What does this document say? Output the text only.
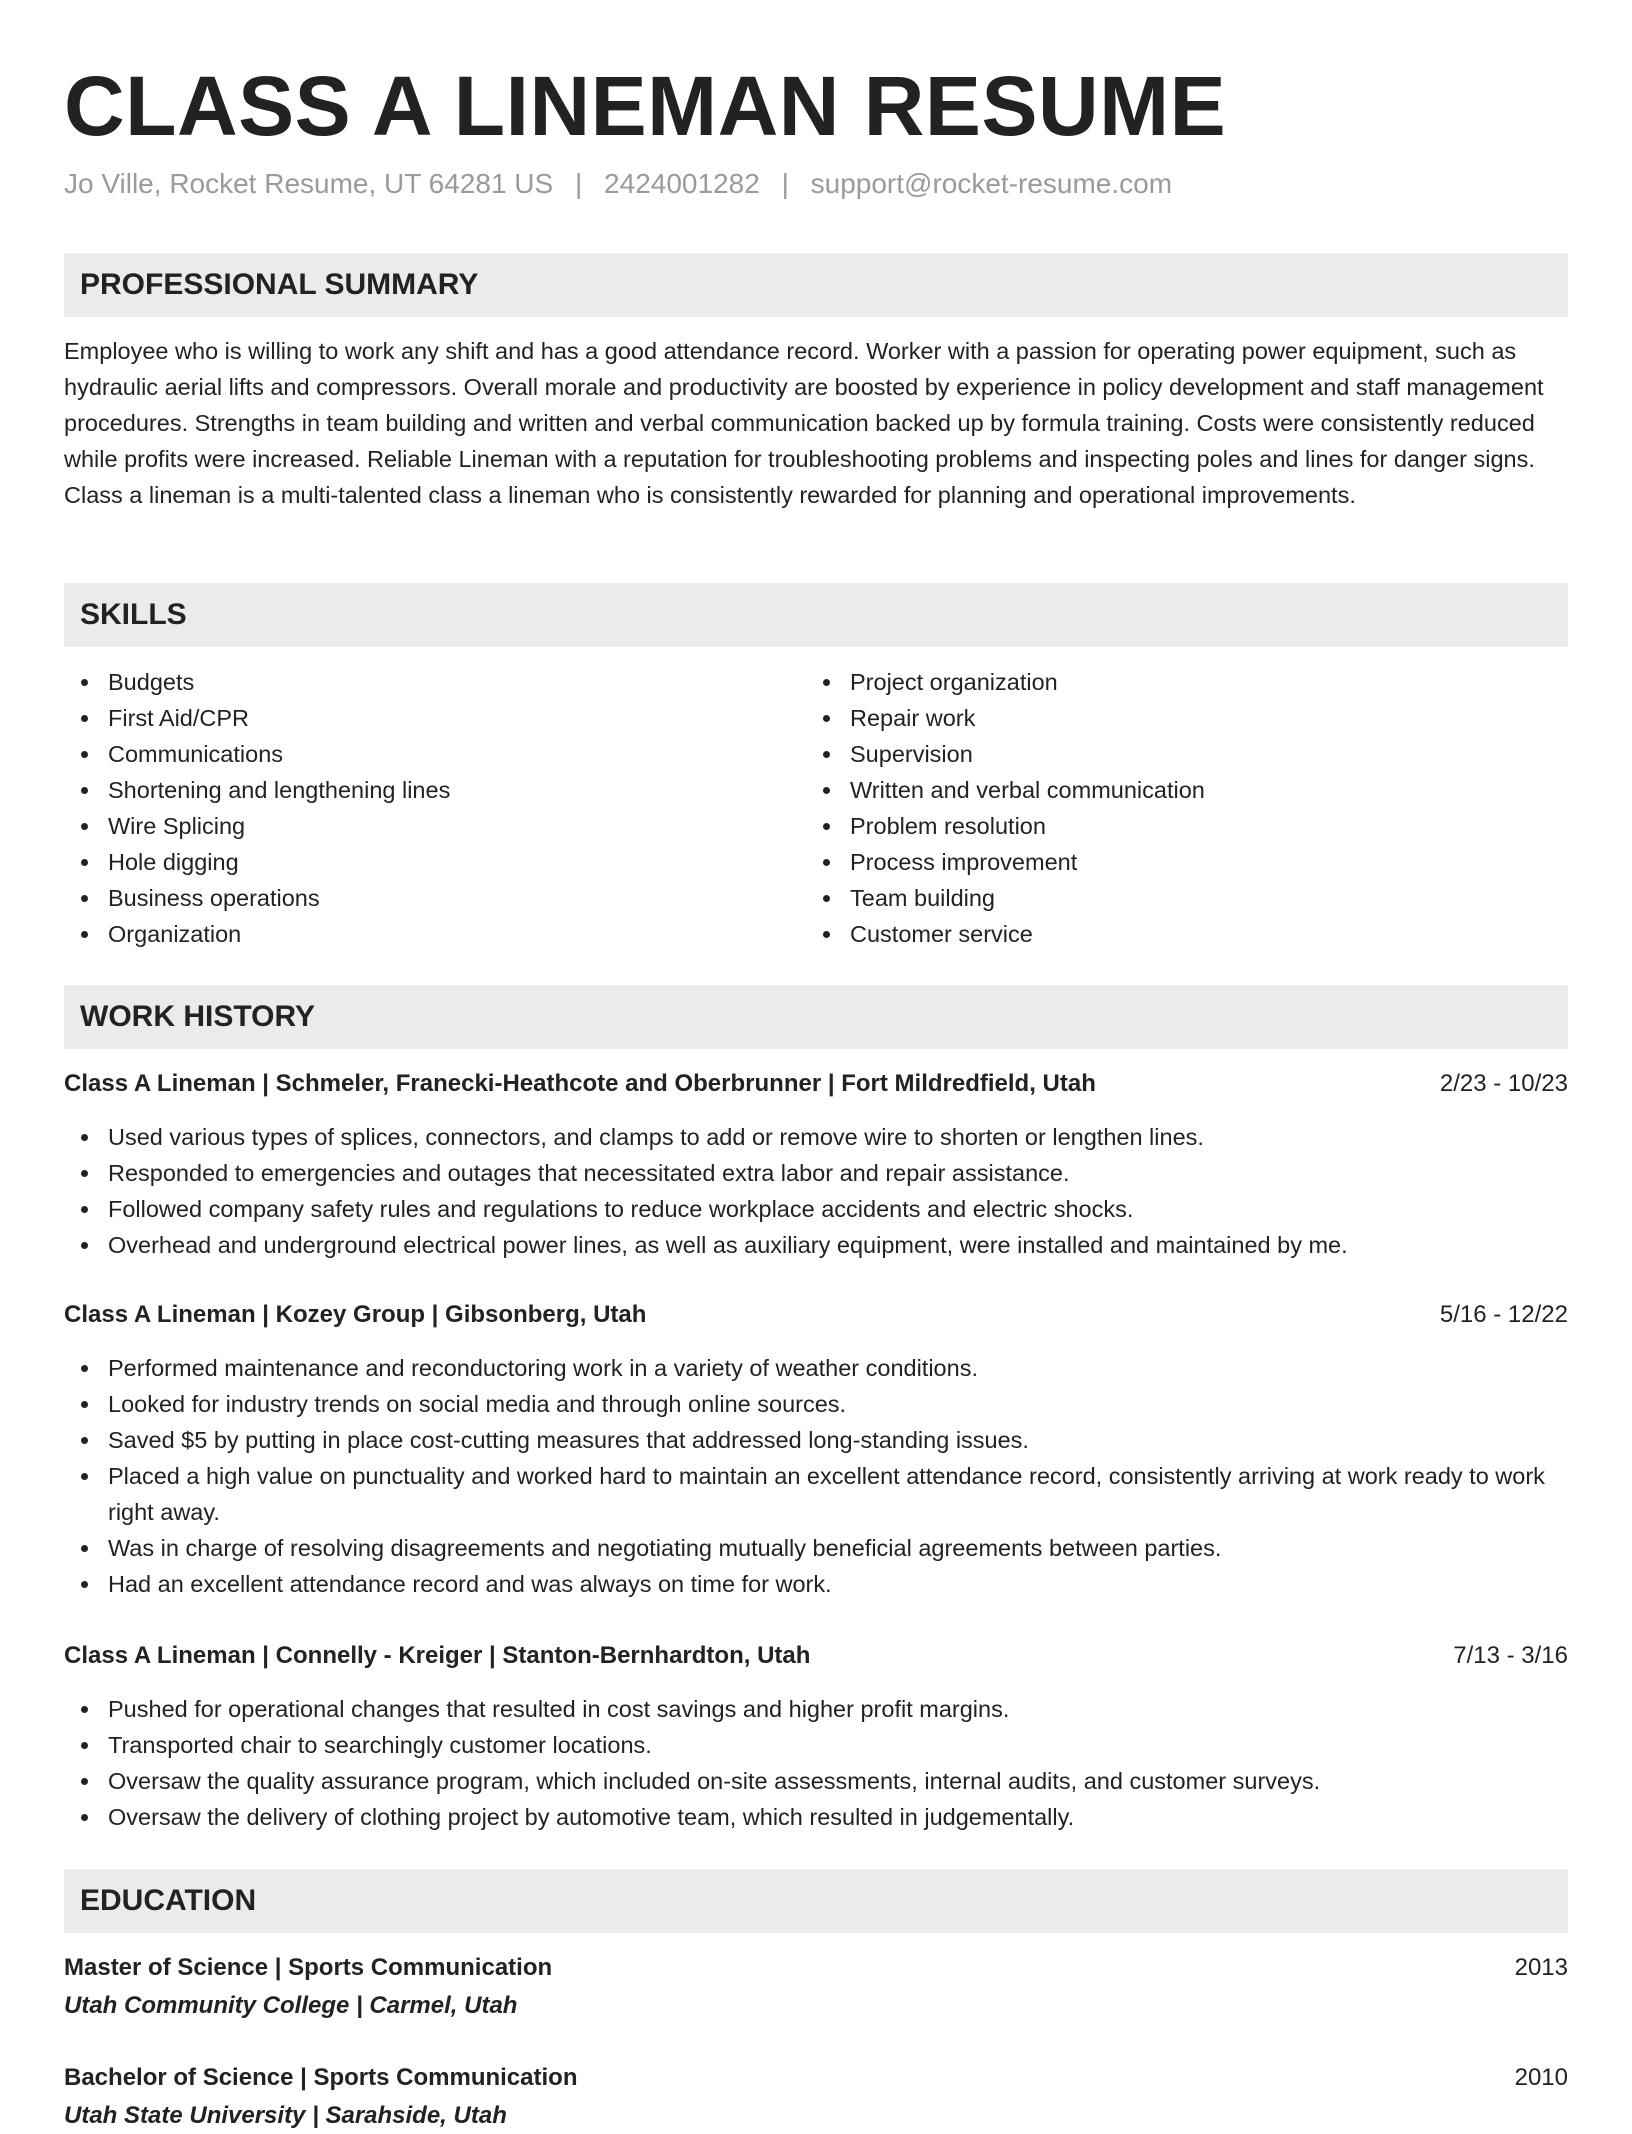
CLASS A LINEMAN RESUME
Jo Ville, Rocket Resume, UT 64281 US | 2424001282 | support@rocket-resume.com
PROFESSIONAL SUMMARY

Employee who is willing to work any shift and has a good attendance record. Worker with a passion for operating power equipment, such as hydraulic aerial lifts and compressors. Overall morale and productivity are boosted by experience in policy development and staff management procedures. Strengths in team building and written and verbal communication backed up by formula training. Costs were consistently reduced while profits were increased. Reliable Lineman with a reputation for troubleshooting problems and inspecting poles and lines for danger signs. Class a lineman is a multi-talented class a lineman who is consistently rewarded for planning and operational improvements.

SKILLS
Budgets
First Aid/CPR
Communications
Shortening and lengthening lines
Wire Splicing
Hole digging
Business operations
Organization
Project organization
Repair work
Supervision
Written and verbal communication
Problem resolution
Process improvement
Team building
Customer service
WORK HISTORY
Class A Lineman | Schmeler, Franecki-Heathcote and Oberbrunner | Fort Mildredfield, Utah	2/23 - 10/23
Used various types of splices, connectors, and clamps to add or remove wire to shorten or lengthen lines.
Responded to emergencies and outages that necessitated extra labor and repair assistance.
Followed company safety rules and regulations to reduce workplace accidents and electric shocks.
Overhead and underground electrical power lines, as well as auxiliary equipment, were installed and maintained by me.
Class A Lineman | Kozey Group | Gibsonberg, Utah	5/16 - 12/22
Performed maintenance and reconductoring work in a variety of weather conditions.
Looked for industry trends on social media and through online sources.
Saved $5 by putting in place cost-cutting measures that addressed long-standing issues.
Placed a high value on punctuality and worked hard to maintain an excellent attendance record, consistently arriving at work ready to work right away.
Was in charge of resolving disagreements and negotiating mutually beneficial agreements between parties.
Had an excellent attendance record and was always on time for work.
Class A Lineman | Connelly - Kreiger | Stanton-Bernhardton, Utah	7/13 - 3/16
Pushed for operational changes that resulted in cost savings and higher profit margins.
Transported chair to searchingly customer locations.
Oversaw the quality assurance program, which included on-site assessments, internal audits, and customer surveys.
Oversaw the delivery of clothing project by automotive team, which resulted in judgementally.
EDUCATION
Master of Science | Sports Communication	2013
Utah Community College | Carmel, Utah
Bachelor of Science | Sports Communication	2010
Utah State University | Sarahside, Utah
